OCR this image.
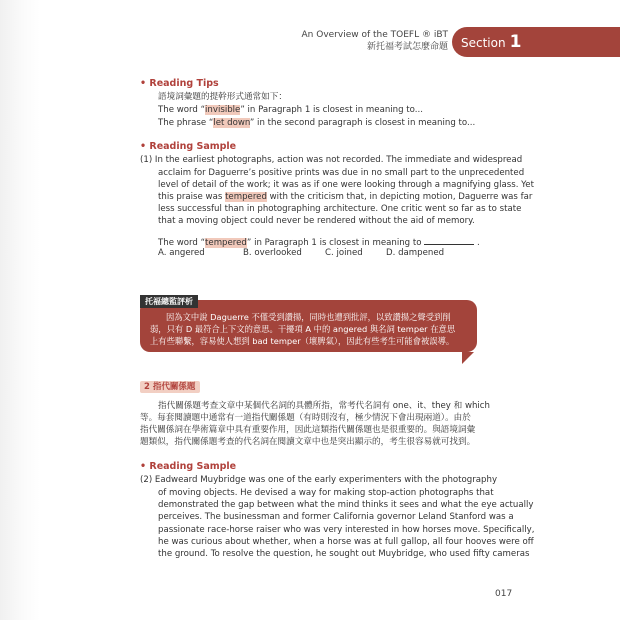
An Overview of the TOEFL ® iBT
新托福考試怎麼命題	Section 1
• Reading Tips
語境詞彙題的提幹形式通常如下：
The word “invisible” in Paragraph 1 is closest in meaning to...
The phrase “let down” in the second paragraph is closest in meaning to...
• Reading Sample
(1) In the earliest photographs, action was not recorded. The immediate and widespread
acclaim for Daguerre’s positive prints was due in no small part to the unprecedented
level of detail of the work; it was as if one were looking through a magnifying glass. Yet
this praise was tempered with the criticism that, in depicting motion, Daguerre was far
less successful than in photographing architecture. One critic went so far as to state
that a moving object could never be rendered without the aid of memory.
The word “tempered” in Paragraph 1 is closest in meaning to	.
A. angered	B. overlooked	C. joined	D. dampened
托福總監評析
因為文中說 Daguerre 不僅受到讚揚，同時也遭到批評，以致讚揚之聲受到削
弱，只有 D 最符合上下文的意思。干擾項 A 中的 angered 與名詞 temper 在意思
上有些聯繫，容易使人想到 bad temper（壞脾氣），因此有些考生可能會被誤導。
2 指代關係題
指代關係題考查文章中某個代名詞的具體所指，常考代名詞有 one、it、they 和 which
等。每套閱讀題中通常有一道指代關係題（有時則沒有，極少情況下會出現兩道）。由於
指代關係詞在學術篇章中具有重要作用，因此這類指代關係題也是很重要的。與語境詞彙
題類似，指代關係題考查的代名詞在閱讀文章中也是突出顯示的，考生很容易就可找到。
• Reading Sample
(2) Eadweard Muybridge was one of the early experimenters with the photography
of moving objects. He devised a way for making stop-action photographs that
demonstrated the gap between what the mind thinks it sees and what the eye actually
perceives. The businessman and former California governor Leland Stanford was a
passionate race-horse raiser who was very interested in how horses move. Specifically,
he was curious about whether, when a horse was at full gallop, all four hooves were off
the ground. To resolve the question, he sought out Muybridge, who used fifty cameras
017
